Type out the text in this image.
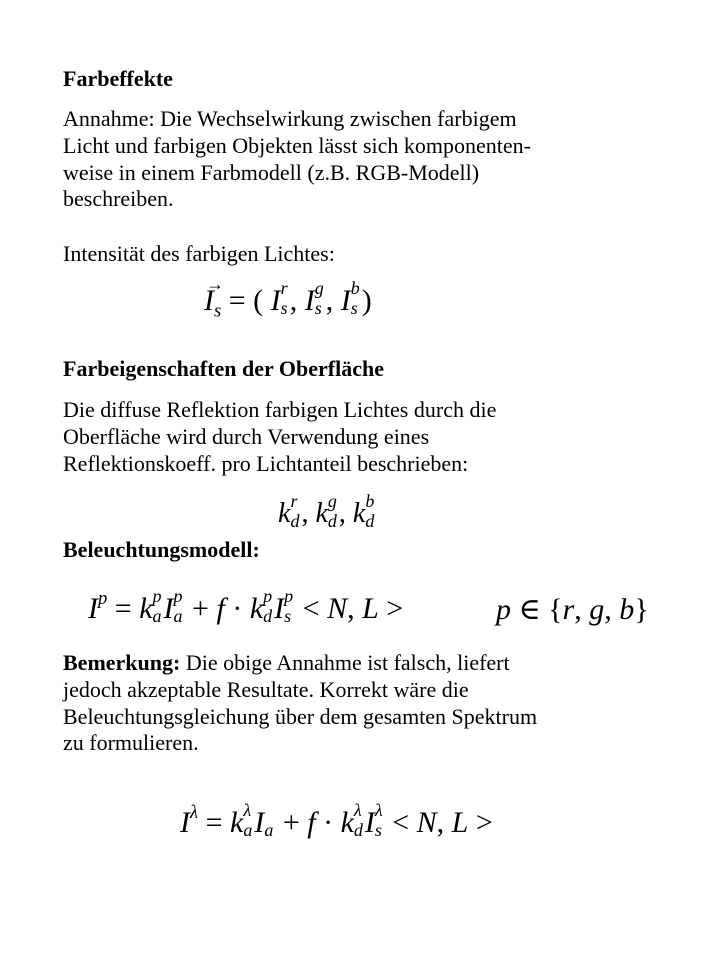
Farbeffekte
Annahme: Die Wechselwirkung zwischen farbigem
Licht und farbigen Objekten lässt sich komponenten-
weise in einem Farbmodell (z.B. RGB-Modell)
beschreiben.
Intensität des farbigen Lichtes:
I
→
$_s$ = ( I r
s , I g
s , I b
s )
Farbeigenschaften der Oberfläche
Die diffuse Reflektion farbigen Lichtes durch die
Oberfläche wird durch Verwendung eines
Reflektionskoeff. pro Lichtanteil beschrieben:
k r
d , k g
d , k b
d
Beleuchtungsmodell:
$I^p = k$ p
a I p
a + f · k p
d I p
s < N, L >	p ∈ {r, g, b}
Bemerkung: Die obige Annahme ist falsch, liefert
jedoch akzeptable Resultate. Korrekt wäre die
Beleuchtungsgleichung über dem gesamten Spektrum
zu formulieren.
$I^\lambda = k$ λ
a I
a + f · k λ
d I λ
s < N, L >
